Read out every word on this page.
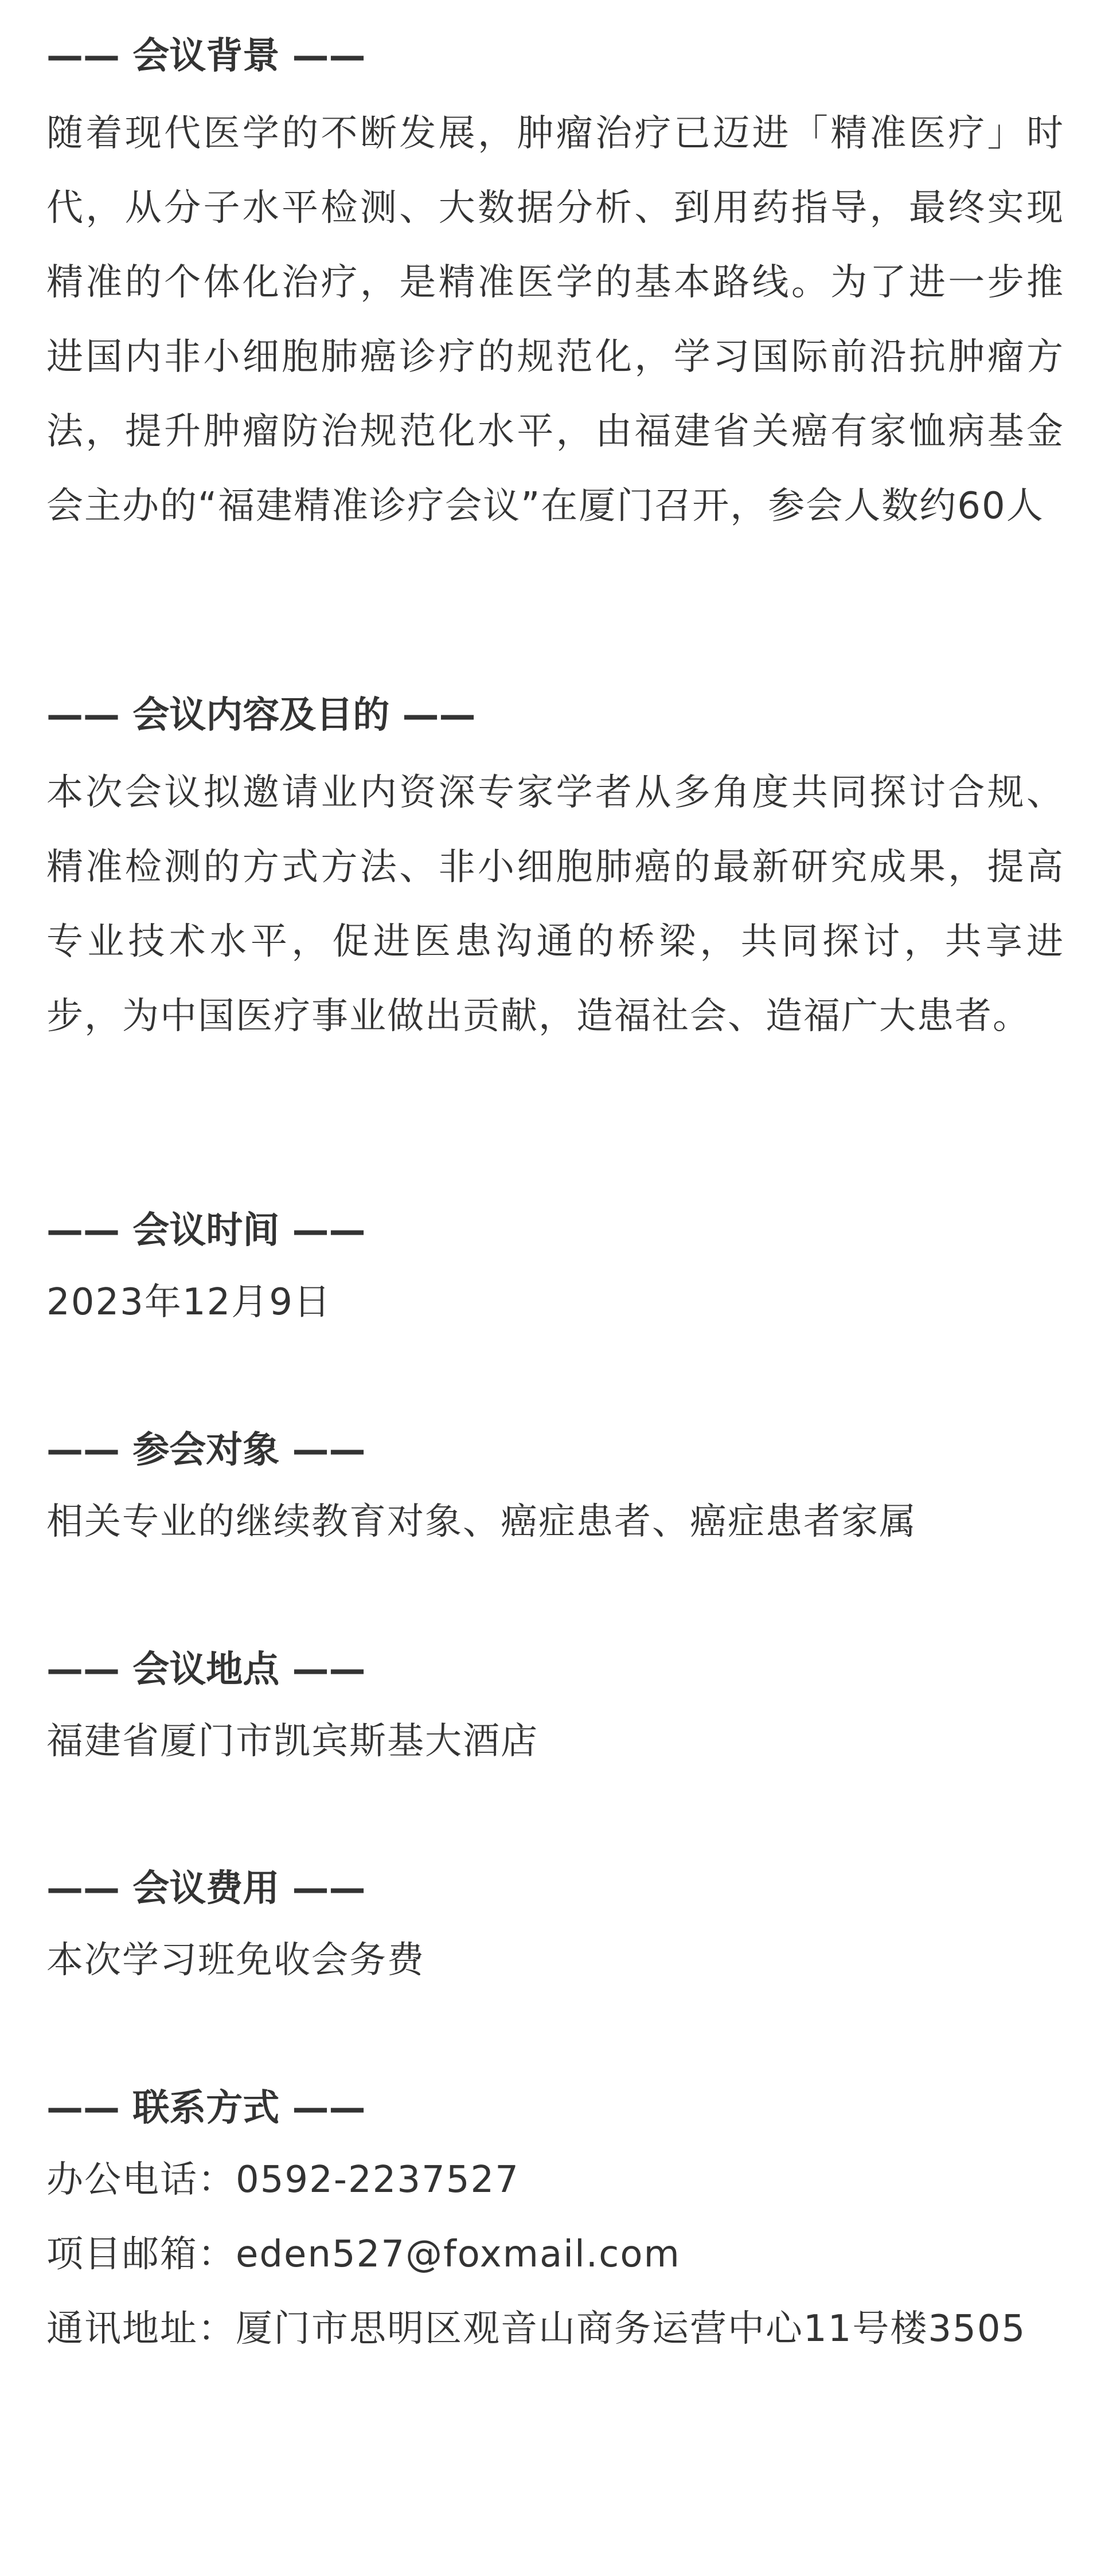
—— 会议背景 ——

随着现代医学的不断发展，肿瘤治疗已迈进「精准医疗」时代，从分子水平检测、大数据分析、到用药指导，最终实现精准的个体化治疗，是精准医学的基本路线。为了进一步推进国内非小细胞肺癌诊疗的规范化，学习国际前沿抗肿瘤方法，提升肿瘤防治规范化水平，由福建省关癌有家恤病基金会主办的“福建精准诊疗会议”在厦门召开，参会人数约60人

—— 会议内容及目的 ——

本次会议拟邀请业内资深专家学者从多角度共同探讨合规、精准检测的方式方法、非小细胞肺癌的最新研究成果，提高专业技术水平，促进医患沟通的桥梁，共同探讨，共享进步，为中国医疗事业做出贡献，造福社会、造福广大患者。

—— 会议时间 ——

2023年12月9日

—— 参会对象 ——

相关专业的继续教育对象、癌症患者、癌症患者家属

—— 会议地点 ——

福建省厦门市凯宾斯基大酒店

—— 会议费用 ——

本次学习班免收会务费

—— 联系方式 ——

办公电话：0592-2237527

项目邮箱：eden527@foxmail.com

通讯地址：厦门市思明区观音山商务运营中心11号楼3505
